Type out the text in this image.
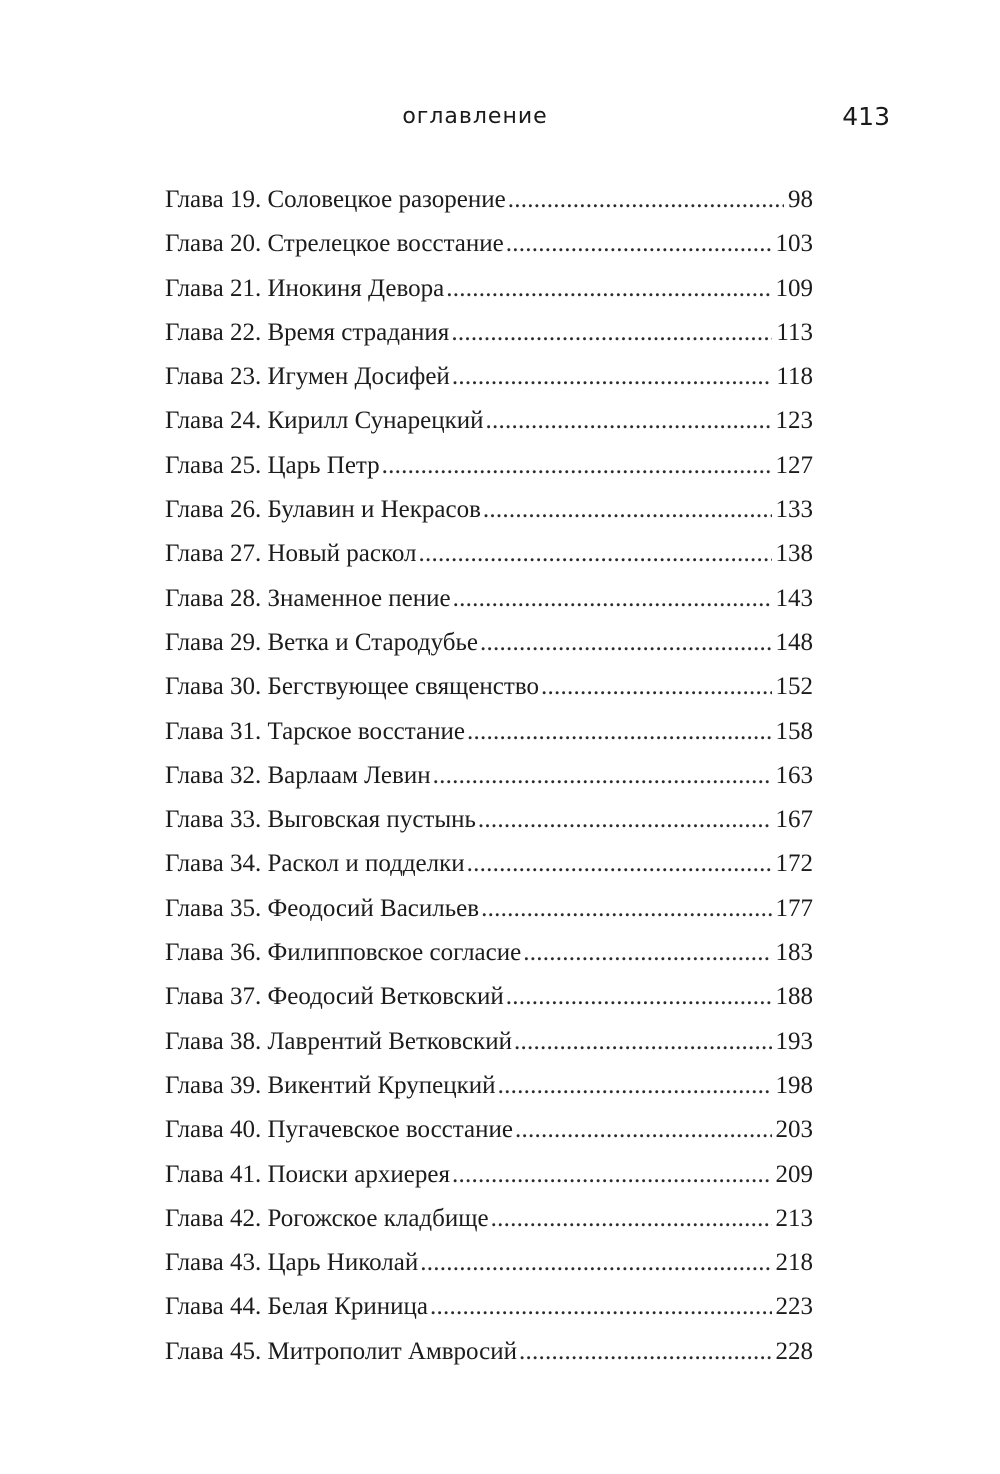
оглавление	413
Глава 19. Соловецкое разорение . . .	98
Глава 20. Стрелецкое восстание . . .	103
Глава 21. Инокиня Девора . . .	109
Глава 22. Время страдания . . .	113
Глава 23. Игумен Досифей . . .	118
Глава 24. Кирилл Сунарецкий . . .	123
Глава 25. Царь Петр . . .	127
Глава 26. Булавин и Некрасов . . .	133
Глава 27. Новый раскол . . .	138
Глава 28. Знаменное пение . . .	143
Глава 29. Ветка и Стародубье . . .	148
Глава 30. Бегствующее священство . . .	152
Глава 31. Тарское восстание . . .	158
Глава 32. Варлаам Левин . . .	163
Глава 33. Выговская пустынь . . .	167
Глава 34. Раскол и подделки . . .	172
Глава 35. Феодосий Васильев . . .	177
Глава 36. Филипповское согласие . . .	183
Глава 37. Феодосий Ветковский . . .	188
Глава 38. Лаврентий Ветковский . . .	193
Глава 39. Викентий Крупецкий . . .	198
Глава 40. Пугачевское восстание . . .	203
Глава 41. Поиски архиерея . . .	209
Глава 42. Рогожское кладбище . . .	213
Глава 43. Царь Николай . . .	218
Глава 44. Белая Криница . . .	223
Глава 45. Митрополит Амвросий . . .	228
